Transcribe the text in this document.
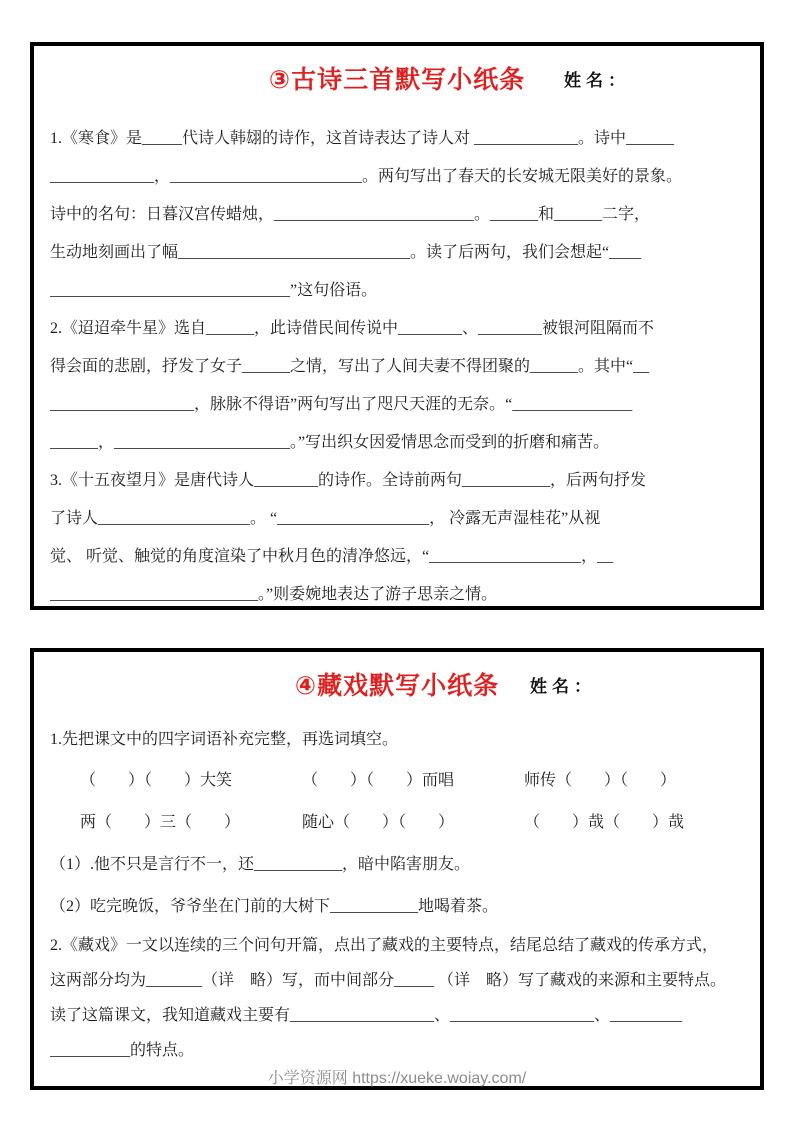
③古诗三首默写小纸条 姓名：
1.《寒食》是_____代诗人韩翃的诗作，这首诗表达了诗人对 _____________。诗中______
_____________，________________________。两句写出了春天的长安城无限美好的景象。
诗中的名句：日暮汉宫传蜡烛，_________________________。______和______二字，
生动地刻画出了幅_____________________________。读了后两句，我们会想起“____
______________________________”这句俗语。
2.《迢迢牵牛星》选自______，此诗借民间传说中________、________被银河阻隔而不
得会面的悲剧，抒发了女子______之情，写出了人间夫妻不得团聚的______。其中“__
__________________，脉脉不得语”两句写出了咫尺天涯的无奈。“_______________
______，______________________。”写出织女因爱情思念而受到的折磨和痛苦。
3.《十五夜望月》是唐代诗人________的诗作。全诗前两句___________，后两句抒发
了诗人___________________。 “___________________， 冷露无声湿桂花”从视
觉、 听觉、触觉的角度渲染了中秋月色的清净悠远，“___________________，__
__________________________。”则委婉地表达了游子思亲之情。
④藏戏默写小纸条 姓名：
1.先把课文中的四字词语补充完整，再选词填空。
（　　）（　　）大笑	（　　）（　　）而唱	师传（　　）（　　）
两（　　）三（　　）	随心（　　）（　　）	（　　）哉（　　）哉
（1）.他不只是言行不一，还___________，暗中陷害朋友。
（2）吃完晚饭，爷爷坐在门前的大树下___________地喝着茶。
2.《藏戏》一文以连续的三个问句开篇，点出了藏戏的主要特点，结尾总结了藏戏的传承方式，
这两部分均为_______（详　略）写，而中间部分_____ （详　略）写了藏戏的来源和主要特点。
读了这篇课文，我知道藏戏主要有__________________、__________________、_________
__________的特点。
小学资源网 https://xueke.woiay.com/
